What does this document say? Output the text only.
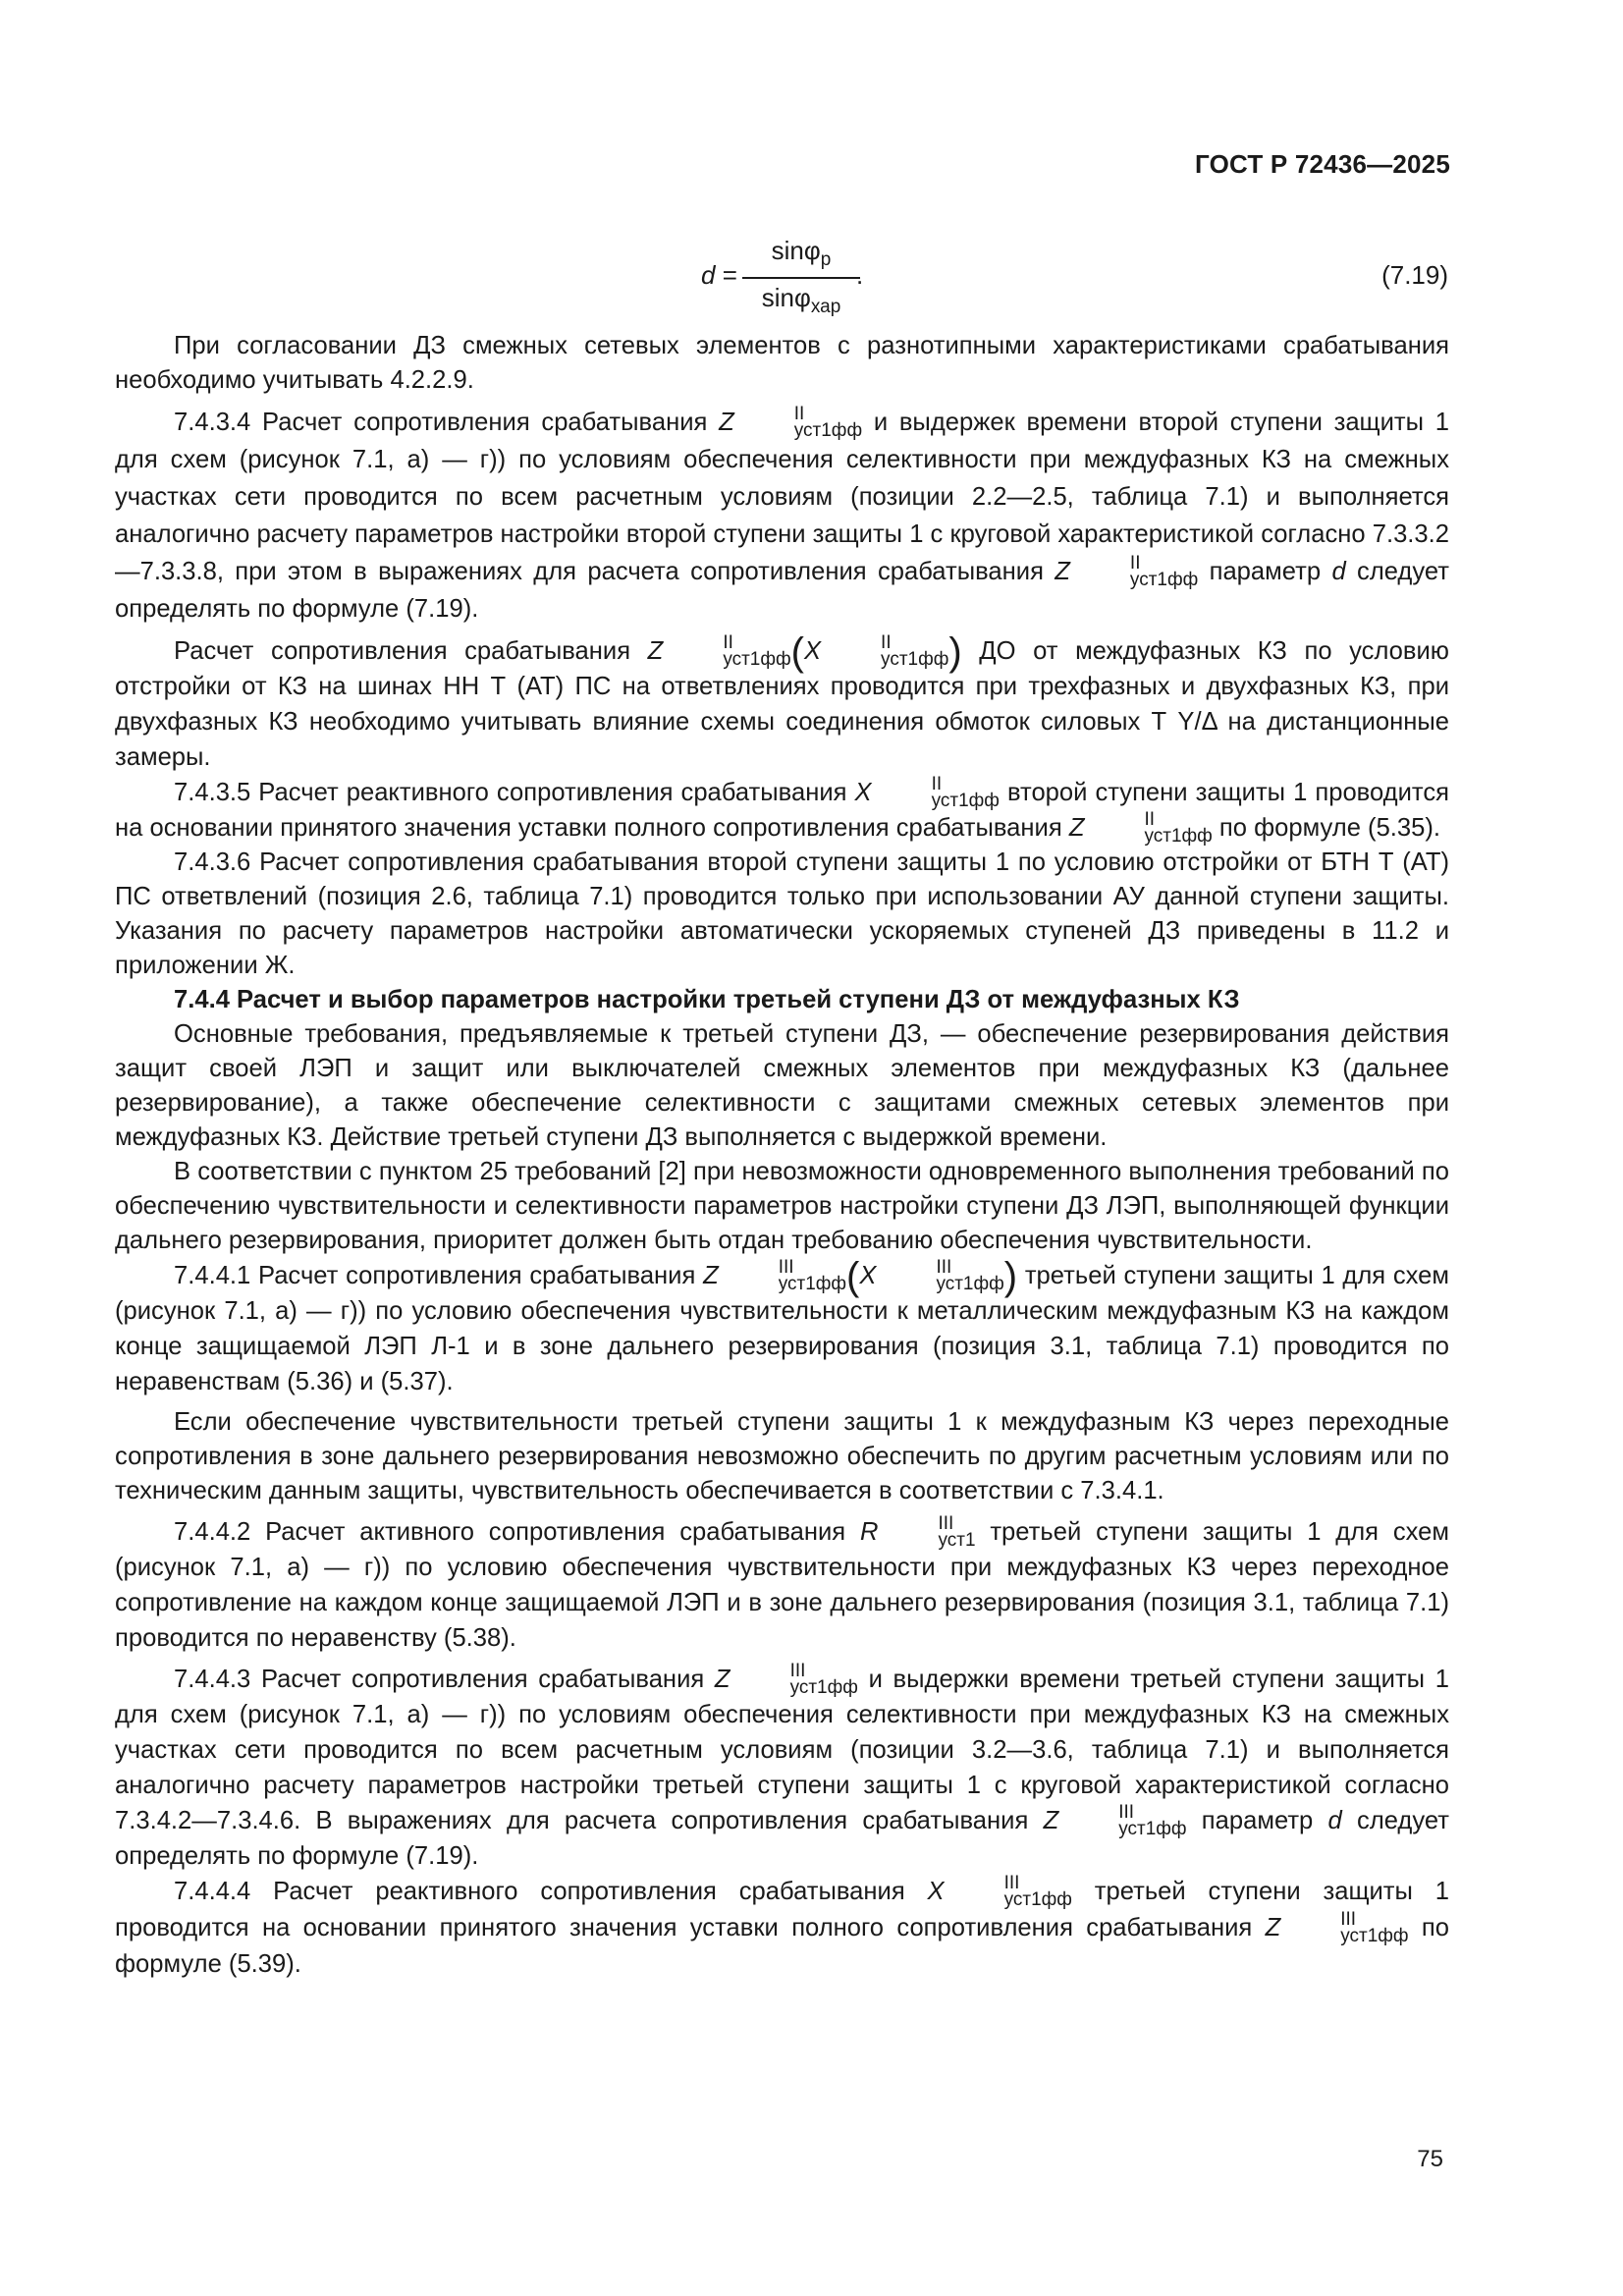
ГОСТ Р 72436—2025
d =
sinφ$_р$
sinφ$_{хар}$
.	(7.19)

При согласовании ДЗ смежных сетевых элементов с разнотипными характеристиками срабатывания необходимо учитывать 4.2.2.9.

7.4.3.4 Расчет сопротивления срабатывания Z	II
уст1фф и выдержек времени второй ступени защиты 1 для схем (рисунок 7.1, а) — г)) по условиям обеспечения селективности при междуфазных КЗ на смежных участках сети проводится по всем расчетным условиям (позиции 2.2—2.5, таблица 7.1) и выполняется аналогично расчету параметров настройки второй ступени защиты 1 с круговой характеристикой согласно 7.3.3.2—7.3.3.8, при этом в выражениях для расчета сопротивления срабатывания Z	II
уст1фф параметр d следует определять по формуле (7.19).

Расчет сопротивления срабатывания Z	II
уст1фф (X	II
уст1фф ) ДО от междуфазных КЗ по условию отстройки от КЗ на шинах НН Т (АТ) ПС на ответвлениях проводится при трехфазных и двухфазных КЗ, при двухфазных КЗ необходимо учитывать влияние схемы соединения обмоток силовых Т Y/Δ на дистанционные замеры.

7.4.3.5 Расчет реактивного сопротивления срабатывания X	II
уст1фф второй ступени защиты 1 проводится на основании принятого значения уставки полного сопротивления срабатывания Z	II
уст1фф по формуле (5.35).

7.4.3.6 Расчет сопротивления срабатывания второй ступени защиты 1 по условию отстройки от БТН Т (АТ) ПС ответвлений (позиция 2.6, таблица 7.1) проводится только при использовании АУ данной ступени защиты. Указания по расчету параметров настройки автоматически ускоряемых ступеней ДЗ приведены в 11.2 и приложении Ж.

7.4.4 Расчет и выбор параметров настройки третьей ступени ДЗ от междуфазных КЗ

Основные требования, предъявляемые к третьей ступени ДЗ, — обеспечение резервирования действия защит своей ЛЭП и защит или выключателей смежных элементов при междуфазных КЗ (дальнее резервирование), а также обеспечение селективности с защитами смежных сетевых элементов при междуфазных КЗ. Действие третьей ступени ДЗ выполняется с выдержкой времени.

В соответствии с пунктом 25 требований [2] при невозможности одновременного выполнения требований по обеспечению чувствительности и селективности параметров настройки ступени ДЗ ЛЭП, выполняющей функции дальнего резервирования, приоритет должен быть отдан требованию обеспечения чувствительности.

7.4.4.1 Расчет сопротивления срабатывания Z	III
уст1фф (X	III
уст1фф ) третьей ступени защиты 1 для схем (рисунок 7.1, а) — г)) по условию обеспечения чувствительности к металлическим междуфазным КЗ на каждом конце защищаемой ЛЭП Л-1 и в зоне дальнего резервирования (позиция 3.1, таблица 7.1) проводится по неравенствам (5.36) и (5.37).

Если обеспечение чувствительности третьей ступени защиты 1 к междуфазным КЗ через переходные сопротивления в зоне дальнего резервирования невозможно обеспечить по другим расчетным условиям или по техническим данным защиты, чувствительность обеспечивается в соответствии с 7.3.4.1.

7.4.4.2 Расчет активного сопротивления срабатывания R	III
уст1 третьей ступени защиты 1 для схем (рисунок 7.1, а) — г)) по условию обеспечения чувствительности при междуфазных КЗ через переходное сопротивление на каждом конце защищаемой ЛЭП и в зоне дальнего резервирования (позиция 3.1, таблица 7.1) проводится по неравенству (5.38).

7.4.4.3 Расчет сопротивления срабатывания Z	III
уст1фф и выдержки времени третьей ступени защиты 1 для схем (рисунок 7.1, а) — г)) по условиям обеспечения селективности при междуфазных КЗ на смежных участках сети проводится по всем расчетным условиям (позиции 3.2—3.6, таблица 7.1) и выполняется аналогично расчету параметров настройки третьей ступени защиты 1 с круговой характеристикой согласно 7.3.4.2—7.3.4.6. В выражениях для расчета сопротивления срабатывания Z	III
уст1фф параметр d следует определять по формуле (7.19).

7.4.4.4 Расчет реактивного сопротивления срабатывания X	III
уст1фф третьей ступени защиты 1 проводится на основании принятого значения уставки полного сопротивления срабатывания Z	III
уст1фф по формуле (5.39).

75
